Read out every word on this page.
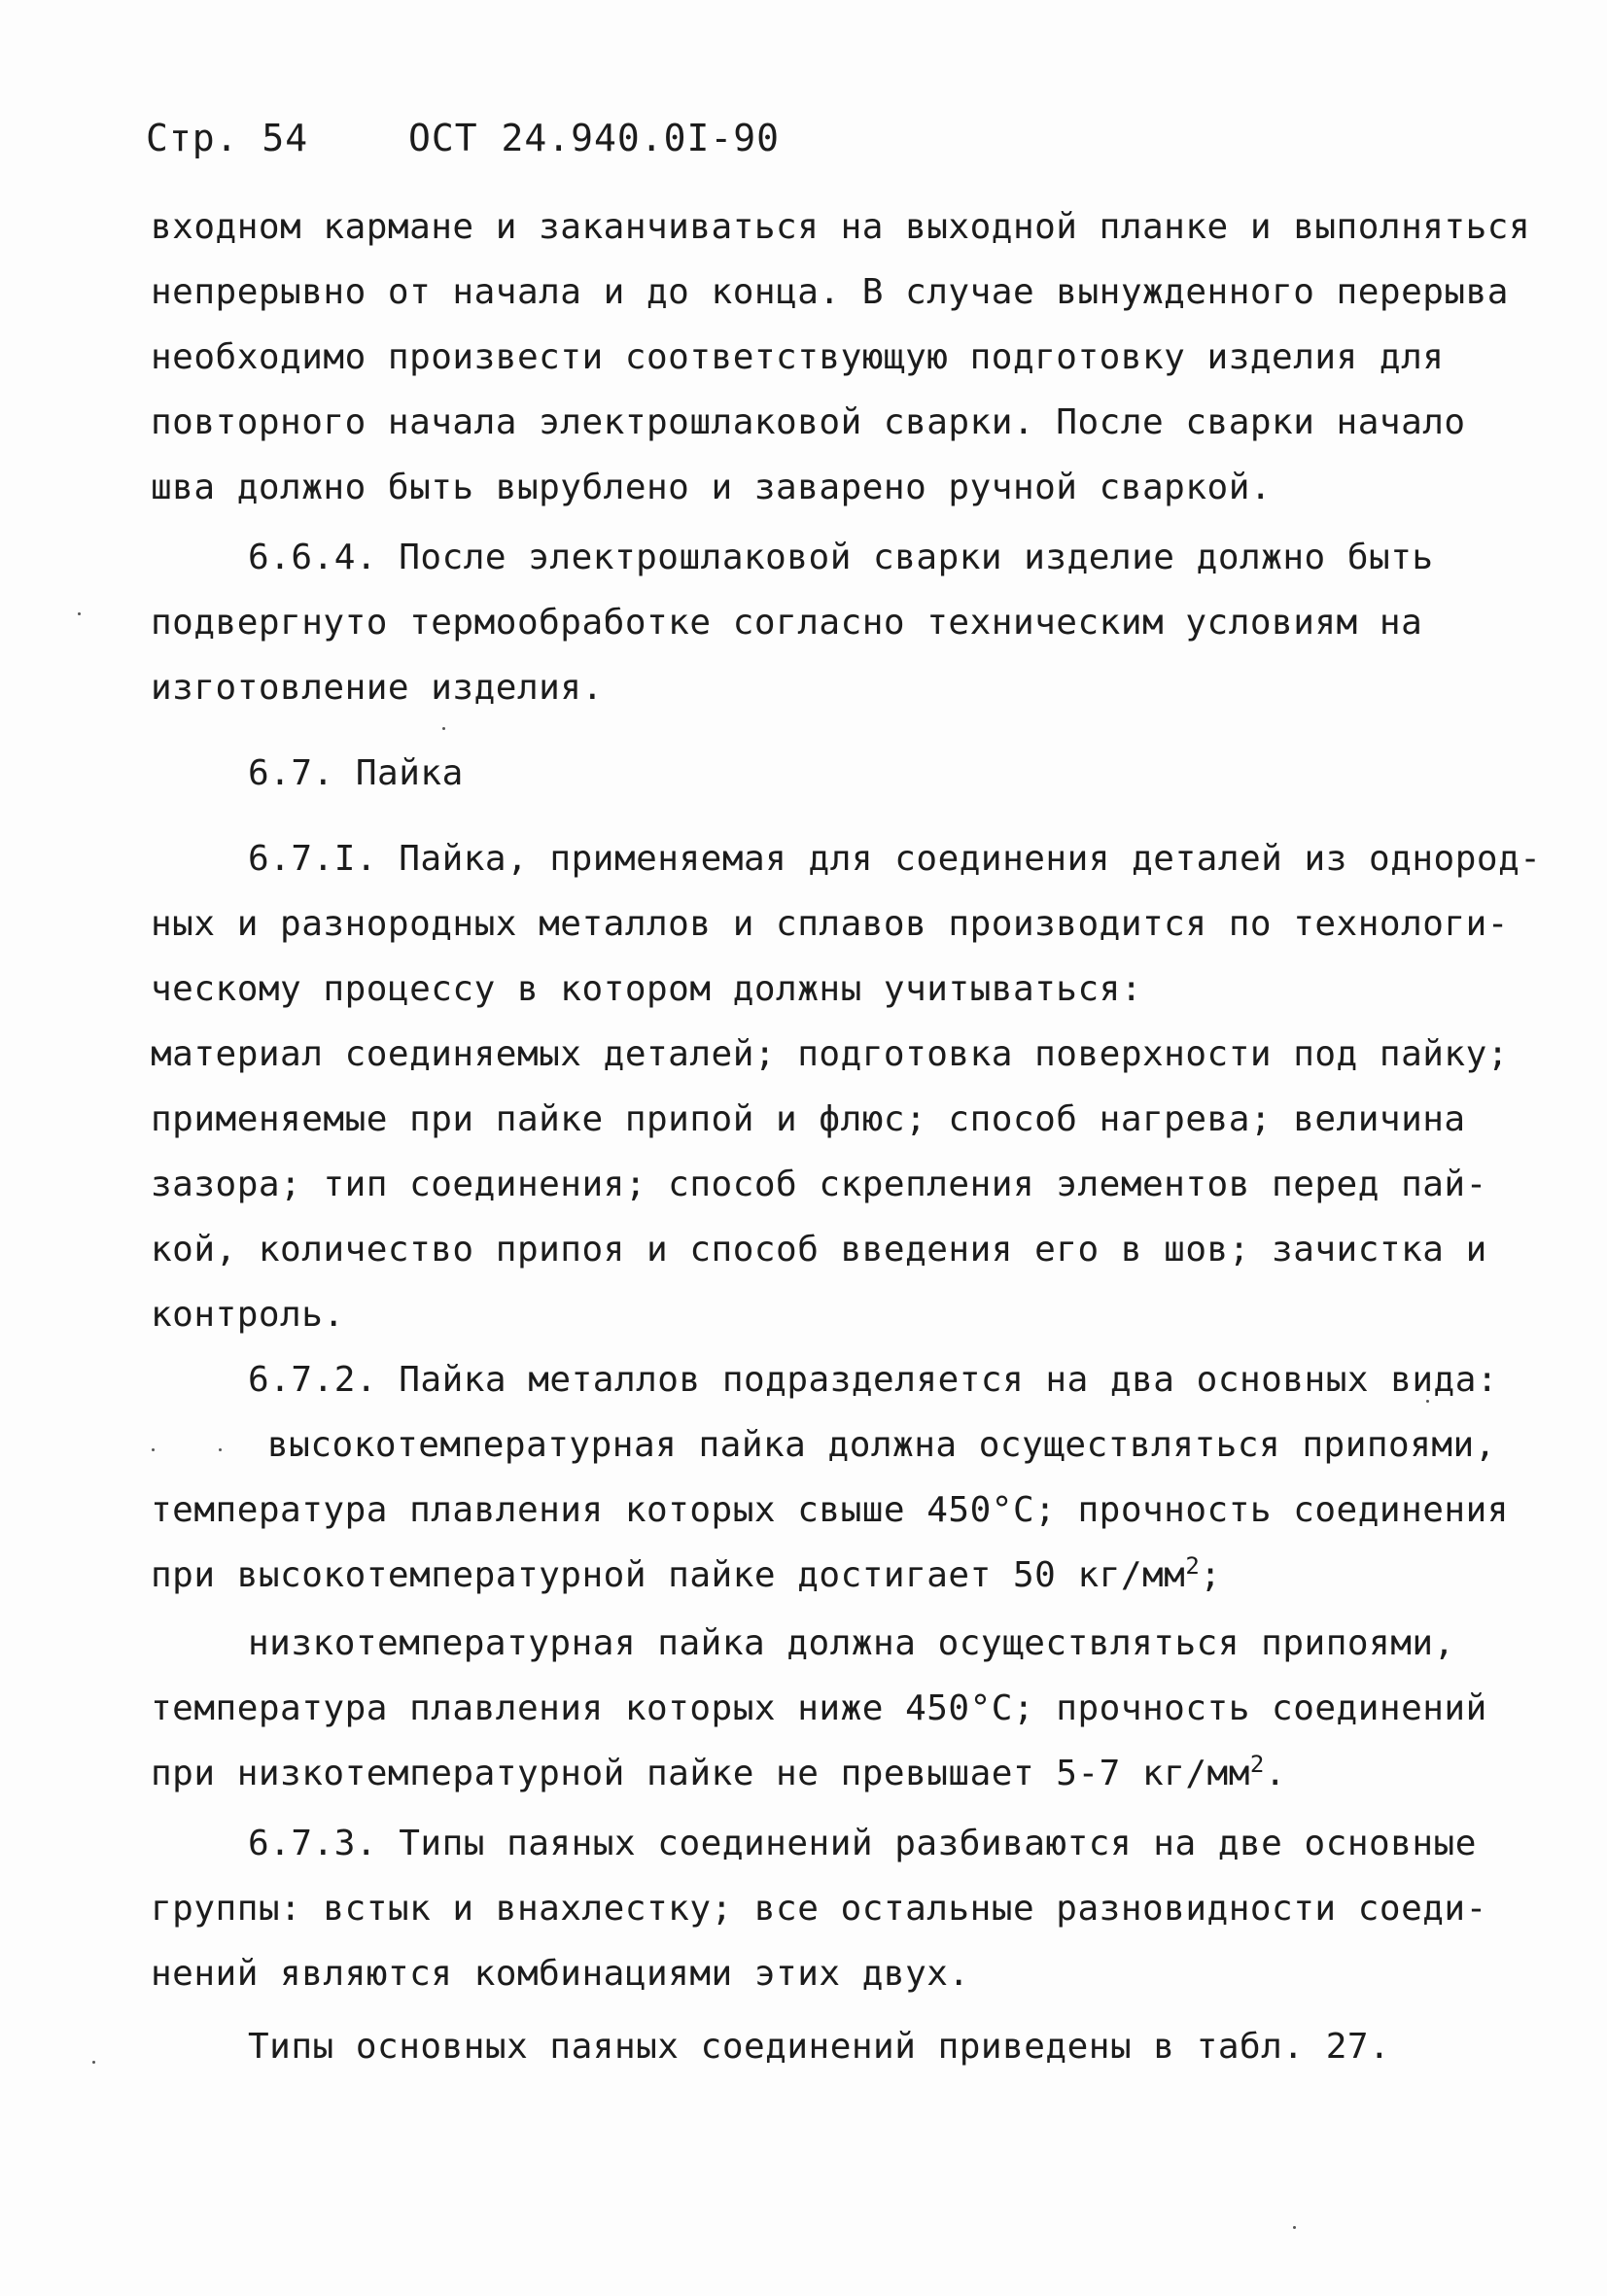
Стр. 54	ОСТ 24.940.0I-90
входном кармане и заканчиваться на выходной планке и выполняться
непрерывно от начала и до конца. В случае вынужденного перерыва
необходимо произвести соответствующую подготовку изделия для
повторного начала электрошлаковой сварки. После сварки начало
шва должно быть вырублено и заварено ручной сваркой.
6.6.4. После электрошлаковой сварки изделие должно быть
подвергнуто термообработке согласно техническим условиям на
изготовление изделия.
6.7. Пайка
6.7.I. Пайка, применяемая для соединения деталей из однород-
ных и разнородных металлов и сплавов производится по технологи-
ческому процессу в котором должны учитываться:
материал соединяемых деталей; подготовка поверхности под пайку;
применяемые при пайке припой и флюс; способ нагрева; величина
зазора; тип соединения; способ скрепления элементов перед пай-
кой, количество припоя и способ введения его в шов; зачистка и
контроль.
6.7.2. Пайка металлов подразделяется на два основных вида:
высокотемпературная пайка должна осуществляться припоями,
температура плавления которых свыше 450°С; прочность соединения
при высокотемпературной пайке достигает 50 $кг/мм^2$;
низкотемпературная пайка должна осуществляться припоями,
температура плавления которых ниже 450°С; прочность соединений
при низкотемпературной пайке не превышает 5-7 $кг/мм^2$.
6.7.3. Типы паяных соединений разбиваются на две основные
группы: встык и внахлестку; все остальные разновидности соеди-
нений являются комбинациями этих двух.
Типы основных паяных соединений приведены в табл. 27.
